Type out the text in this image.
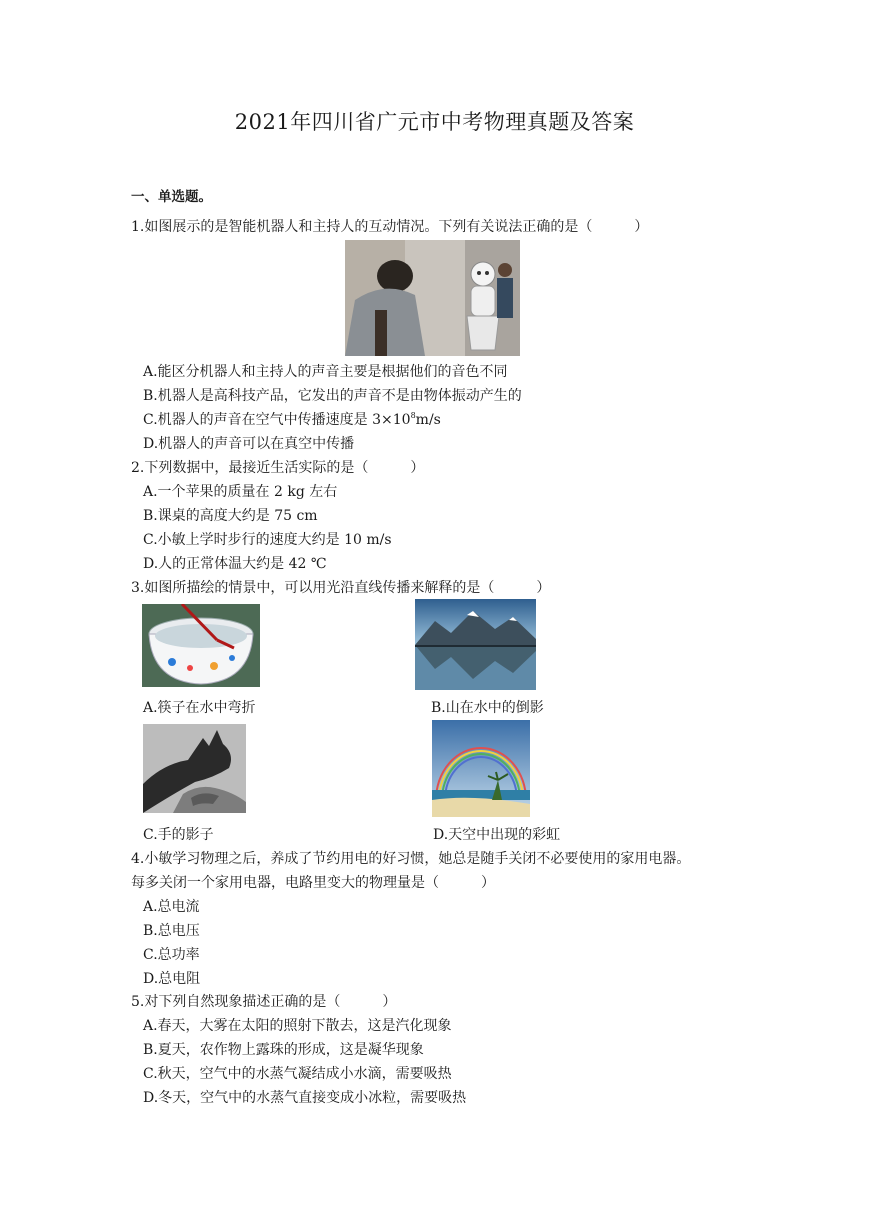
2021年四川省广元市中考物理真题及答案
一、单选题。
1.如图展示的是智能机器人和主持人的互动情况。下列有关说法正确的是（　　　）
A.能区分机器人和主持人的声音主要是根据他们的音色不同
B.机器人是高科技产品，它发出的声音不是由物体振动产生的
C.机器人的声音在空气中传播速度是 $3\times 10^8m/s$
D.机器人的声音可以在真空中传播
2.下列数据中，最接近生活实际的是（　　　）
A.一个苹果的质量在 2 kg 左右
B.课桌的高度大约是 75 cm
C.小敏上学时步行的速度大约是 10 m/s
D.人的正常体温大约是 42 ℃
3.如图所描绘的情景中，可以用光沿直线传播来解释的是（　　　）
A.筷子在水中弯折	B.山在水中的倒影
C.手的影子	D.天空中出现的彩虹
4.小敏学习物理之后，养成了节约用电的好习惯，她总是随手关闭不必要使用的家用电器。
每多关闭一个家用电器，电路里变大的物理量是（　　　）
A.总电流
B.总电压
C.总功率
D.总电阻
5.对下列自然现象描述正确的是（　　　）
A.春天，大雾在太阳的照射下散去，这是汽化现象
B.夏天，农作物上露珠的形成，这是凝华现象
C.秋天，空气中的水蒸气凝结成小水滴，需要吸热
D.冬天，空气中的水蒸气直接变成小冰粒，需要吸热
